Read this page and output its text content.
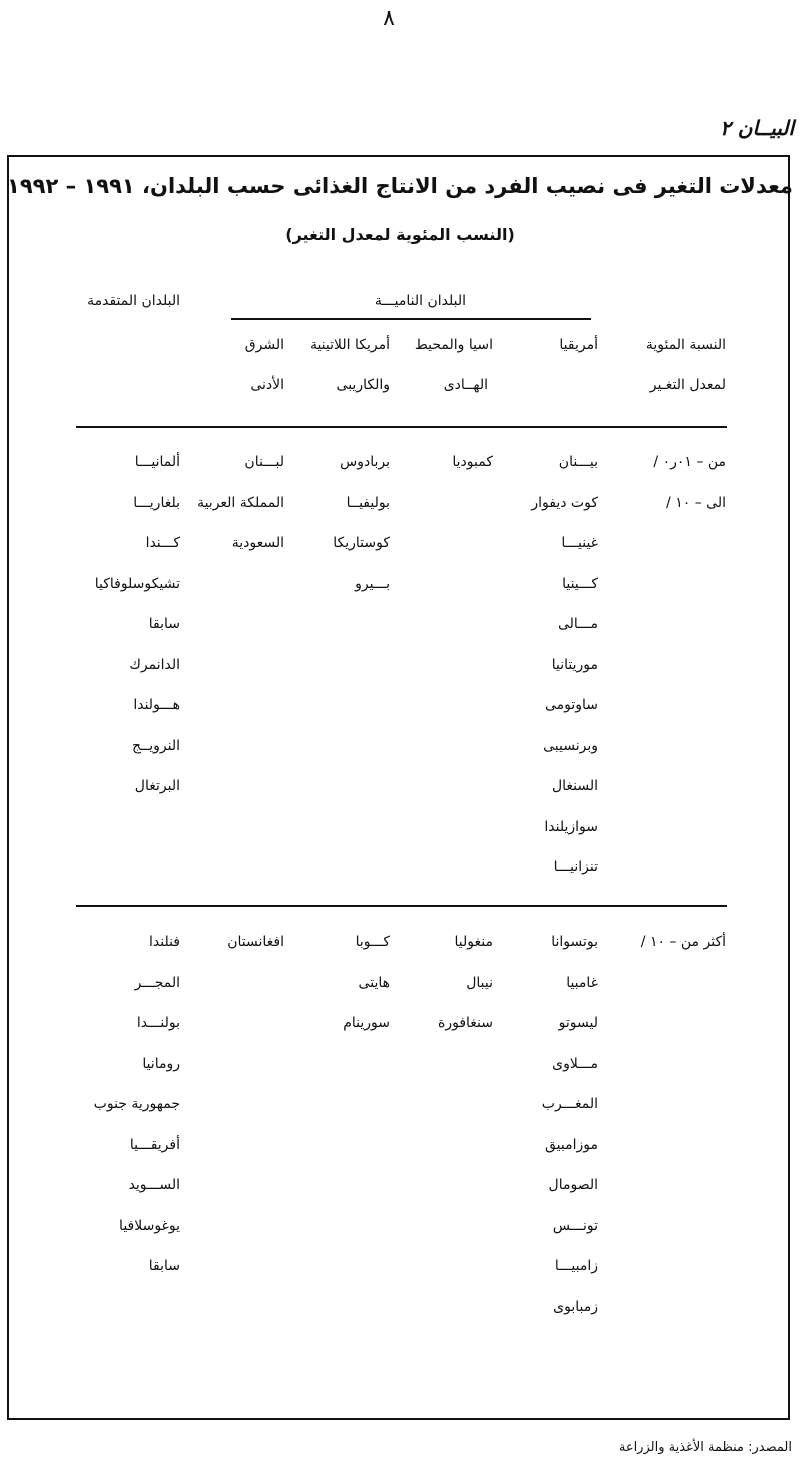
٨
البيــان ٢
معدلات التغير فى نصيب الفرد من الانتاج الغذائى حسب البلدان، ١٩٩١ – ١٩٩٢
(النسب المئوية لمعدل التغير)
البلدان المتقدمة	البلدان الناميـــة
النسبة المئوية
لمعدل التغـير
أمريقيا
اسيا والمحيط
الهــادى
أمريكا اللاتينية
والكاريبى
الشرق
الأدنى
من – ٠١ر٠ /
الى – ١٠ /
بيـــنان
كوت ديفوار
غينيـــا
كـــينيا
مـــالى
موريتانيا
ساوتومى
وبرنسيبى
السنغال
سوازيلندا
تنزانيـــا
كمبوديا
بربادوس
بوليفيــا
كوستاريكا
بـــيرو
لبـــنان
المملكة العربية
السعودية
ألمانيـــا
بلغاريـــا
كـــندا
تشيكوسلوفاكيا
سابقا
الدانمرك
هـــولندا
النرويــج
البرتغال
أكثر من – ١٠ /
بوتسوانا
غامبيا
ليسوتو
مـــلاوى
المغـــرب
موزامبيق
الصومال
تونـــس
زامبيـــا
زمبابوى
منغوليا
نيبال
سنغافورة
كـــوبا
هايتى
سورينام
افغانستان
فنلندا
المجـــر
بولنـــدا
رومانيا
جمهورية جنوب
أفريقـــيا
الســـويد
يوغوسلافيا
سابقا
المصدر: منظمة الأغذية والزراعة
